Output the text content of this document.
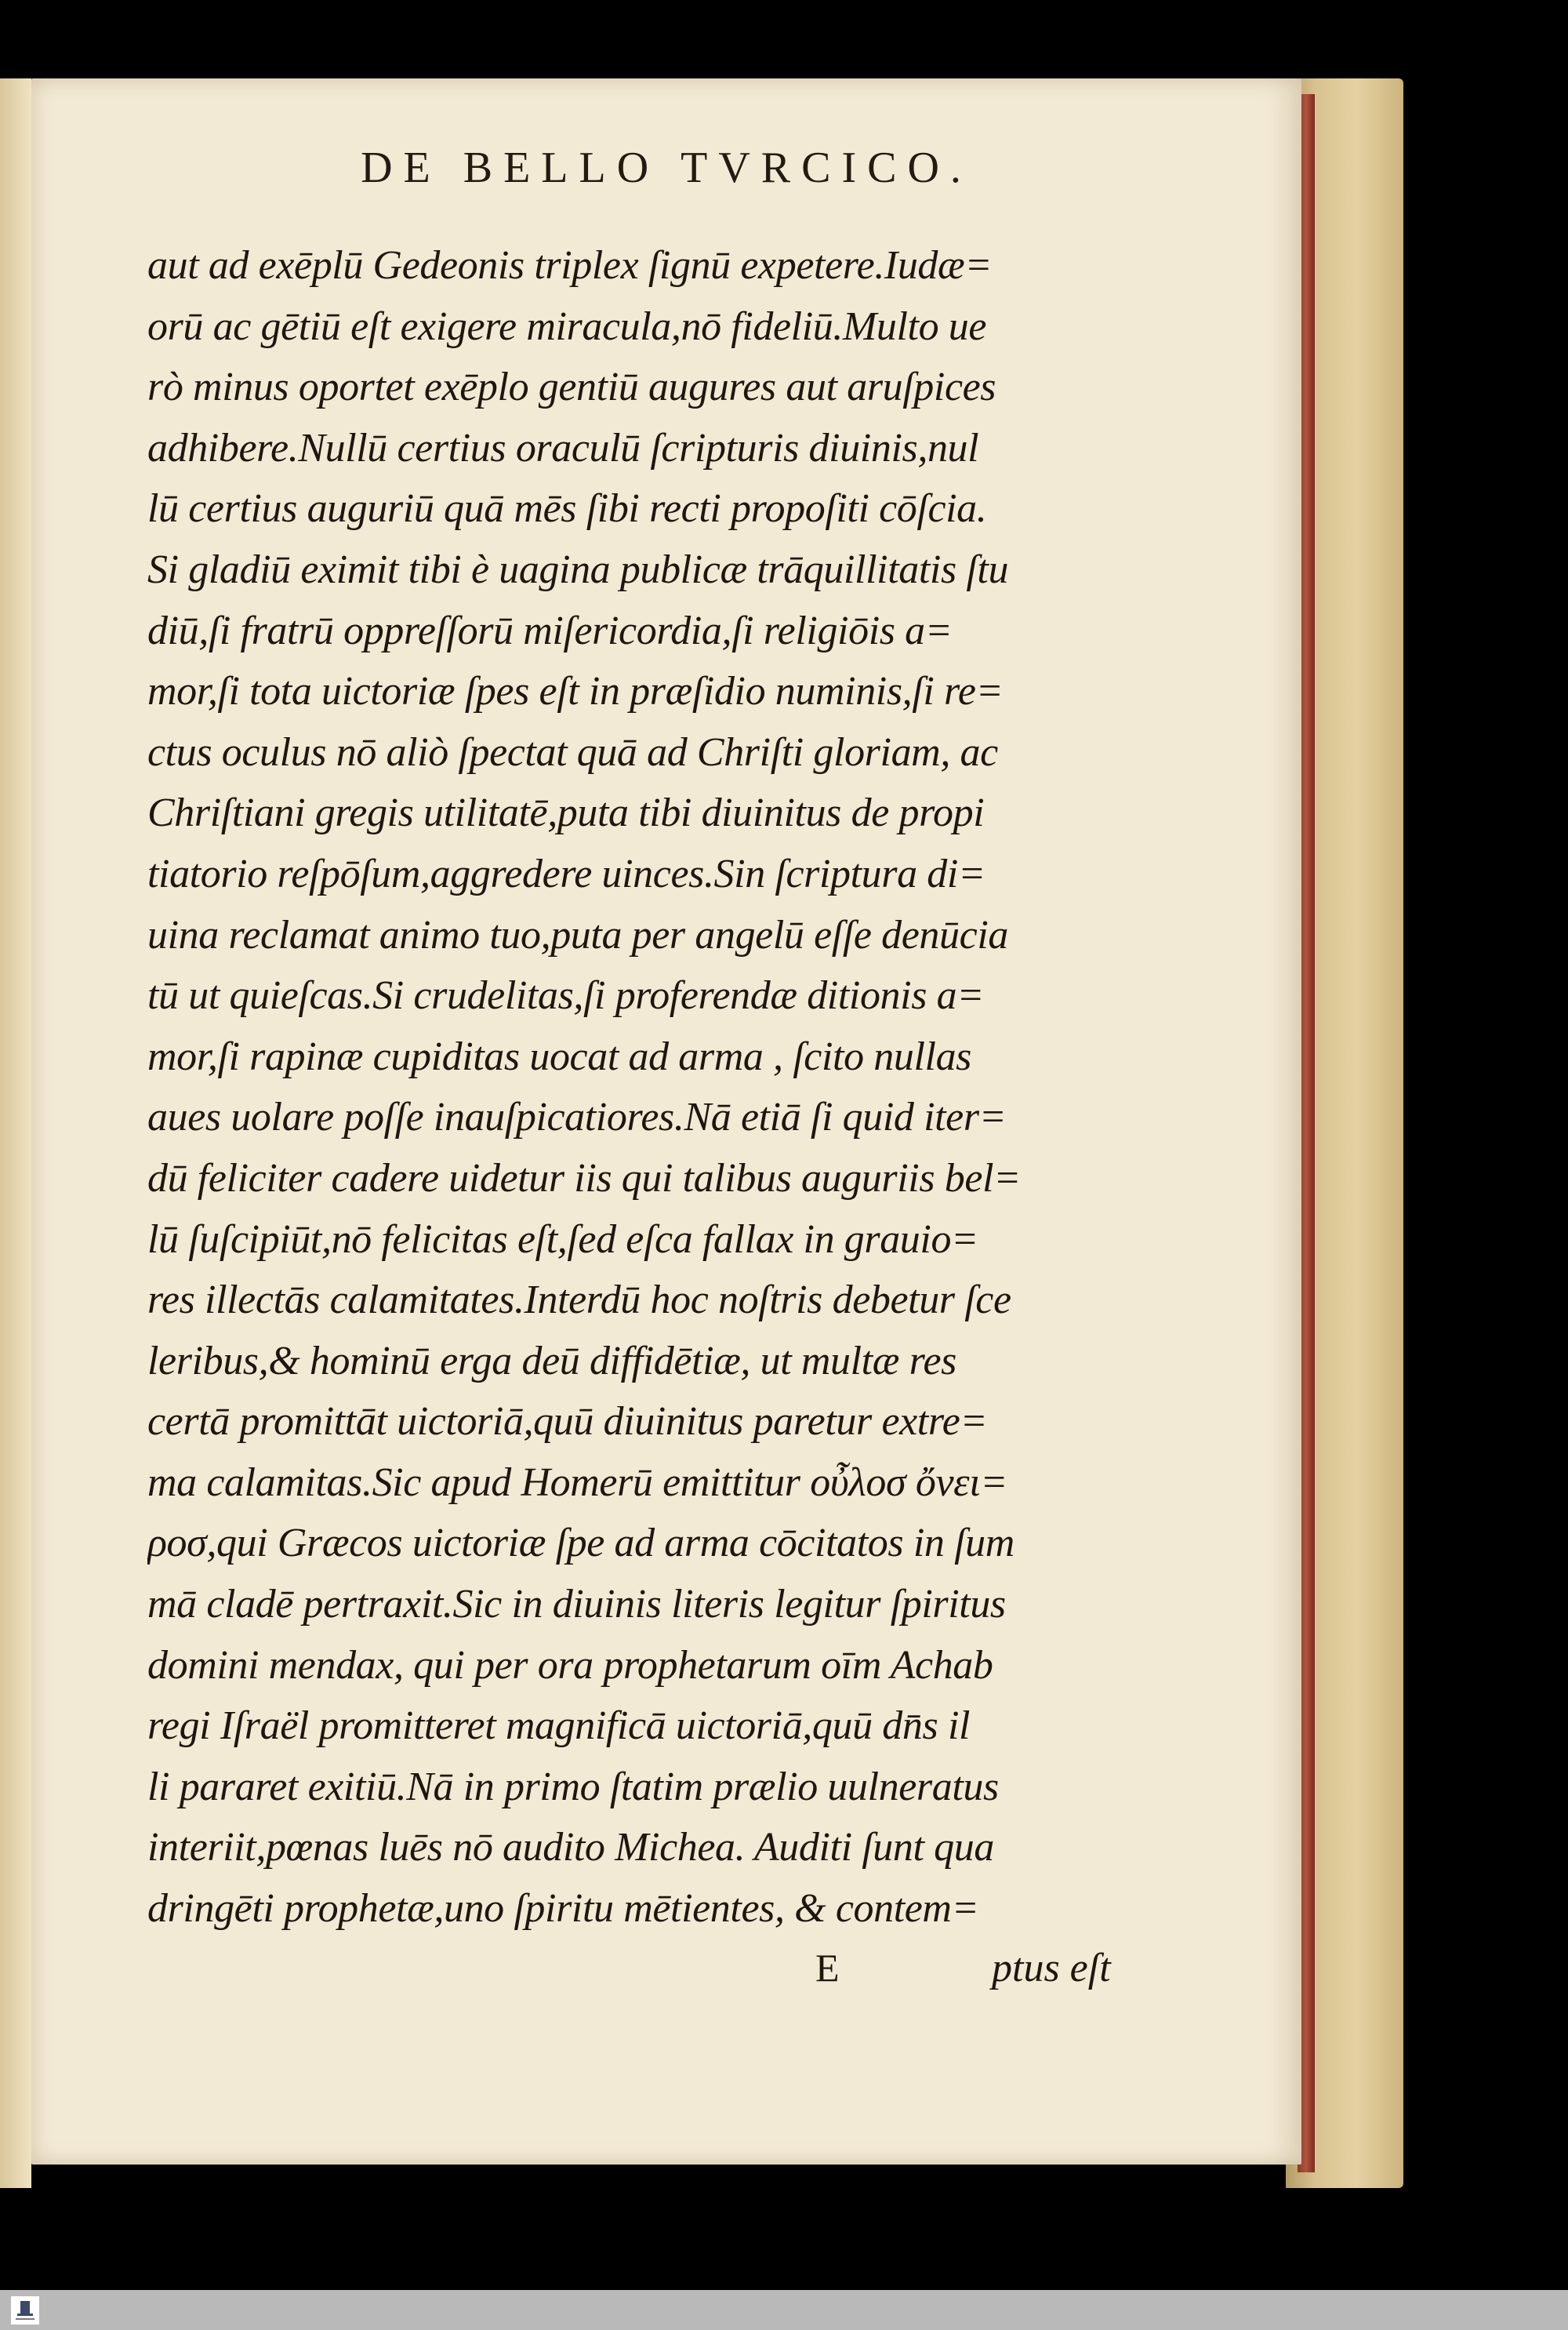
DE BELLO TVRCICO.
aut ad exēplū Gedeonis triplex ſignū expetere.Iudæ=
orū ac gētiū eſt exigere miracula,nō fideliū.Multo ue
rò minus oportet exēplo gentiū augures aut aruſpices
adhibere.Nullū certius oraculū ſcripturis diuinis,nul
lū certius auguriū quā mēs ſibi recti propoſiti cōſcia.
Si gladiū eximit tibi è uagina publicæ trāquillitatis ſtu
diū,ſi fratrū oppreſſorū miſericordia,ſi religiōis a=
mor,ſi tota uictoriæ ſpes eſt in præſidio numinis,ſi re=
ctus oculus nō aliò ſpectat quā ad Chriſti gloriam, ac
Chriſtiani gregis utilitatē,puta tibi diuinitus de propi
tiatorio reſpōſum,aggredere uinces.Sin ſcriptura di=
uina reclamat animo tuo,puta per angelū eſſe denūcia
tū ut quieſcas.Si crudelitas,ſi proferendæ ditionis a=
mor,ſi rapinæ cupiditas uocat ad arma , ſcito nullas
aues uolare poſſe inauſpicatiores.Nā etiā ſi quid iter=
dū feliciter cadere uidetur iis qui talibus auguriis bel=
lū ſuſcipiūt,nō felicitas eſt,ſed eſca fallax in grauio=
res illectās calamitates.Interdū hoc noſtris debetur ſce
leribus,& hominū erga deū diffidētiæ, ut multæ res
certā promittāt uictoriā,quū diuinitus paretur extre=
ma calamitas.Sic apud Homerū emittitur οὖλοσ ὄνει=
ροσ,qui Græcos uictoriæ ſpe ad arma cōcitatos in ſum
mā cladē pertraxit.Sic in diuinis literis legitur ſpiritus
domini mendax, qui per ora prophetarum oīm Achab
regi Iſraël promitteret magnificā uictoriā,quū dn̄s il
li pararet exitiū.Nā in primo ſtatim prælio uulneratus
interiit,pœnas luēs nō audito Michea. Auditi ſunt qua
dringēti prophetæ,uno ſpiritu mētientes, & contem=
E	ptus eſt
